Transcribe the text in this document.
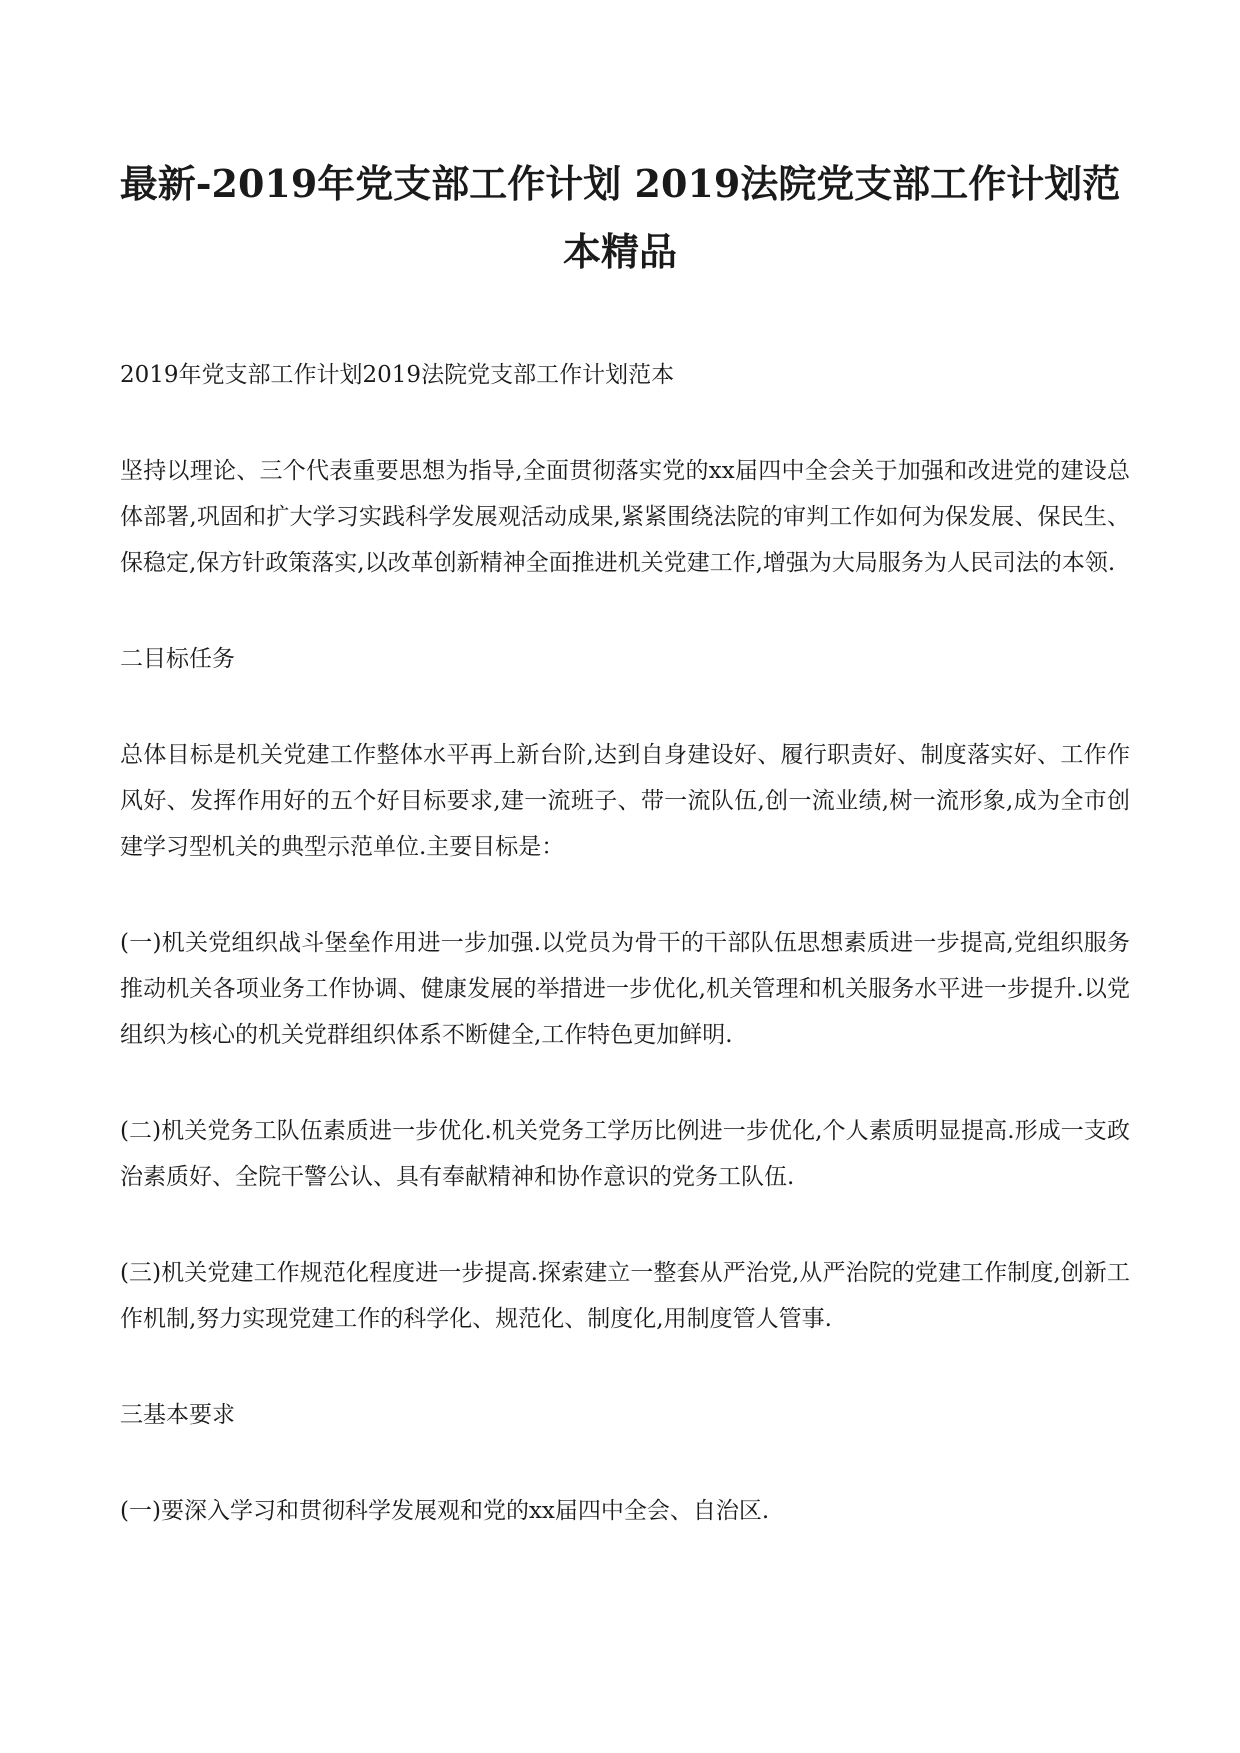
最新-2019年党支部工作计划 2019法院党支部工作计划范本精品

2019年党支部工作计划2019法院党支部工作计划范本

坚持以理论、三个代表重要思想为指导,全面贯彻落实党的xx届四中全会关于加强和改进党的建设总体部署,巩固和扩大学习实践科学发展观活动成果,紧紧围绕法院的审判工作如何为保发展、保民生、保稳定,保方针政策落实,以改革创新精神全面推进机关党建工作,增强为大局服务为人民司法的本领.

二目标任务

总体目标是机关党建工作整体水平再上新台阶,达到自身建设好、履行职责好、制度落实好、工作作风好、发挥作用好的五个好目标要求,建一流班子、带一流队伍,创一流业绩,树一流形象,成为全市创建学习型机关的典型示范单位.主要目标是：

(一)机关党组织战斗堡垒作用进一步加强.以党员为骨干的干部队伍思想素质进一步提高,党组织服务推动机关各项业务工作协调、健康发展的举措进一步优化,机关管理和机关服务水平进一步提升.以党组织为核心的机关党群组织体系不断健全,工作特色更加鲜明.

(二)机关党务工队伍素质进一步优化.机关党务工学历比例进一步优化,个人素质明显提高.形成一支政治素质好、全院干警公认、具有奉献精神和协作意识的党务工队伍.

(三)机关党建工作规范化程度进一步提高.探索建立一整套从严治党,从严治院的党建工作制度,创新工作机制,努力实现党建工作的科学化、规范化、制度化,用制度管人管事.

三基本要求

(一)要深入学习和贯彻科学发展观和党的xx届四中全会、自治区.
